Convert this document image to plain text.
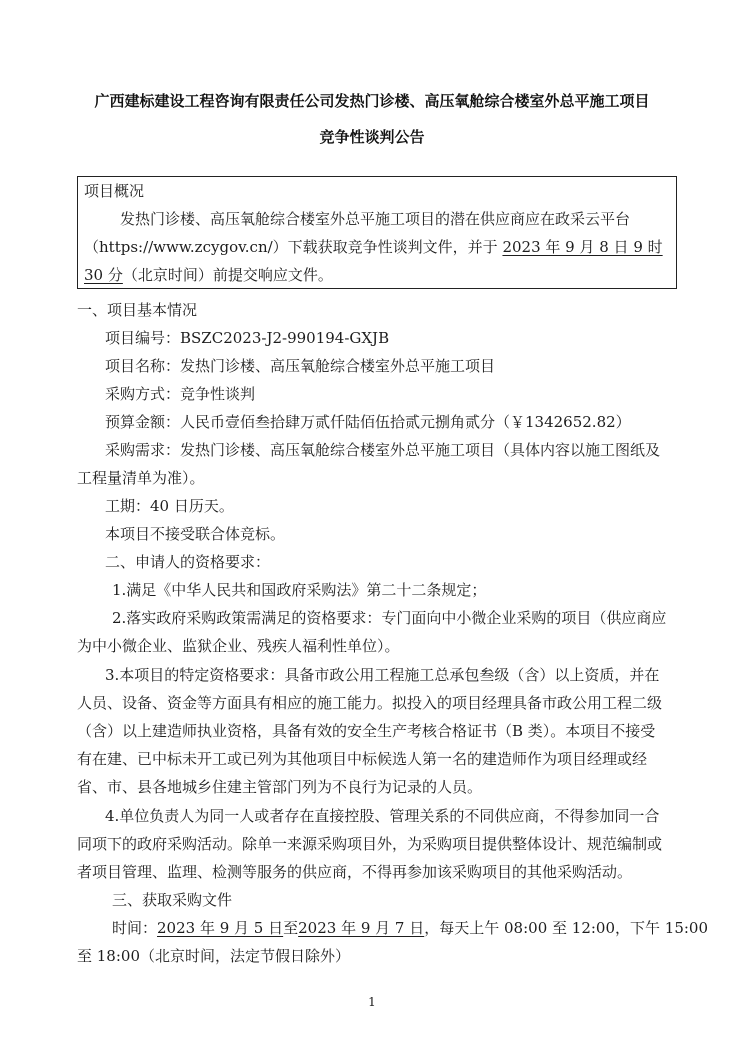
广西建标建设工程咨询有限责任公司发热门诊楼、高压氧舱综合楼室外总平施工项目
竞争性谈判公告
项目概况
发热门诊楼、高压氧舱综合楼室外总平施工项目的潜在供应商应在政采云平台
（https://www.zcygov.cn/）下载获取竞争性谈判文件，并于 2023 年 9 月 8 日 9 时
30 分（北京时间）前提交响应文件。
一、项目基本情况
项目编号：BSZC2023-J2-990194-GXJB
项目名称：发热门诊楼、高压氧舱综合楼室外总平施工项目
采购方式：竞争性谈判
预算金额：人民币壹佰叁拾肆万贰仟陆佰伍拾贰元捌角贰分（￥1342652.82）
采购需求：发热门诊楼、高压氧舱综合楼室外总平施工项目（具体内容以施工图纸及
工程量清单为准）。
工期：40 日历天。
本项目不接受联合体竞标。
二、申请人的资格要求：
1.满足《中华人民共和国政府采购法》第二十二条规定；
2.落实政府采购政策需满足的资格要求：专门面向中小微企业采购的项目（供应商应
为中小微企业、监狱企业、残疾人福利性单位）。
3.本项目的特定资格要求：具备市政公用工程施工总承包叁级（含）以上资质，并在
人员、设备、资金等方面具有相应的施工能力。拟投入的项目经理具备市政公用工程二级
（含）以上建造师执业资格，具备有效的安全生产考核合格证书（B 类）。本项目不接受
有在建、已中标未开工或已列为其他项目中标候选人第一名的建造师作为项目经理或经
省、市、县各地城乡住建主管部门列为不良行为记录的人员。
4.单位负责人为同一人或者存在直接控股、管理关系的不同供应商，不得参加同一合
同项下的政府采购活动。除单一来源采购项目外，为采购项目提供整体设计、规范编制或
者项目管理、监理、检测等服务的供应商，不得再参加该采购项目的其他采购活动。
三、获取采购文件
时间：2023 年 9 月 5 日至2023 年 9 月 7 日，每天上午 08:00 至 12:00，下午 15:00
至 18:00（北京时间，法定节假日除外）
1
